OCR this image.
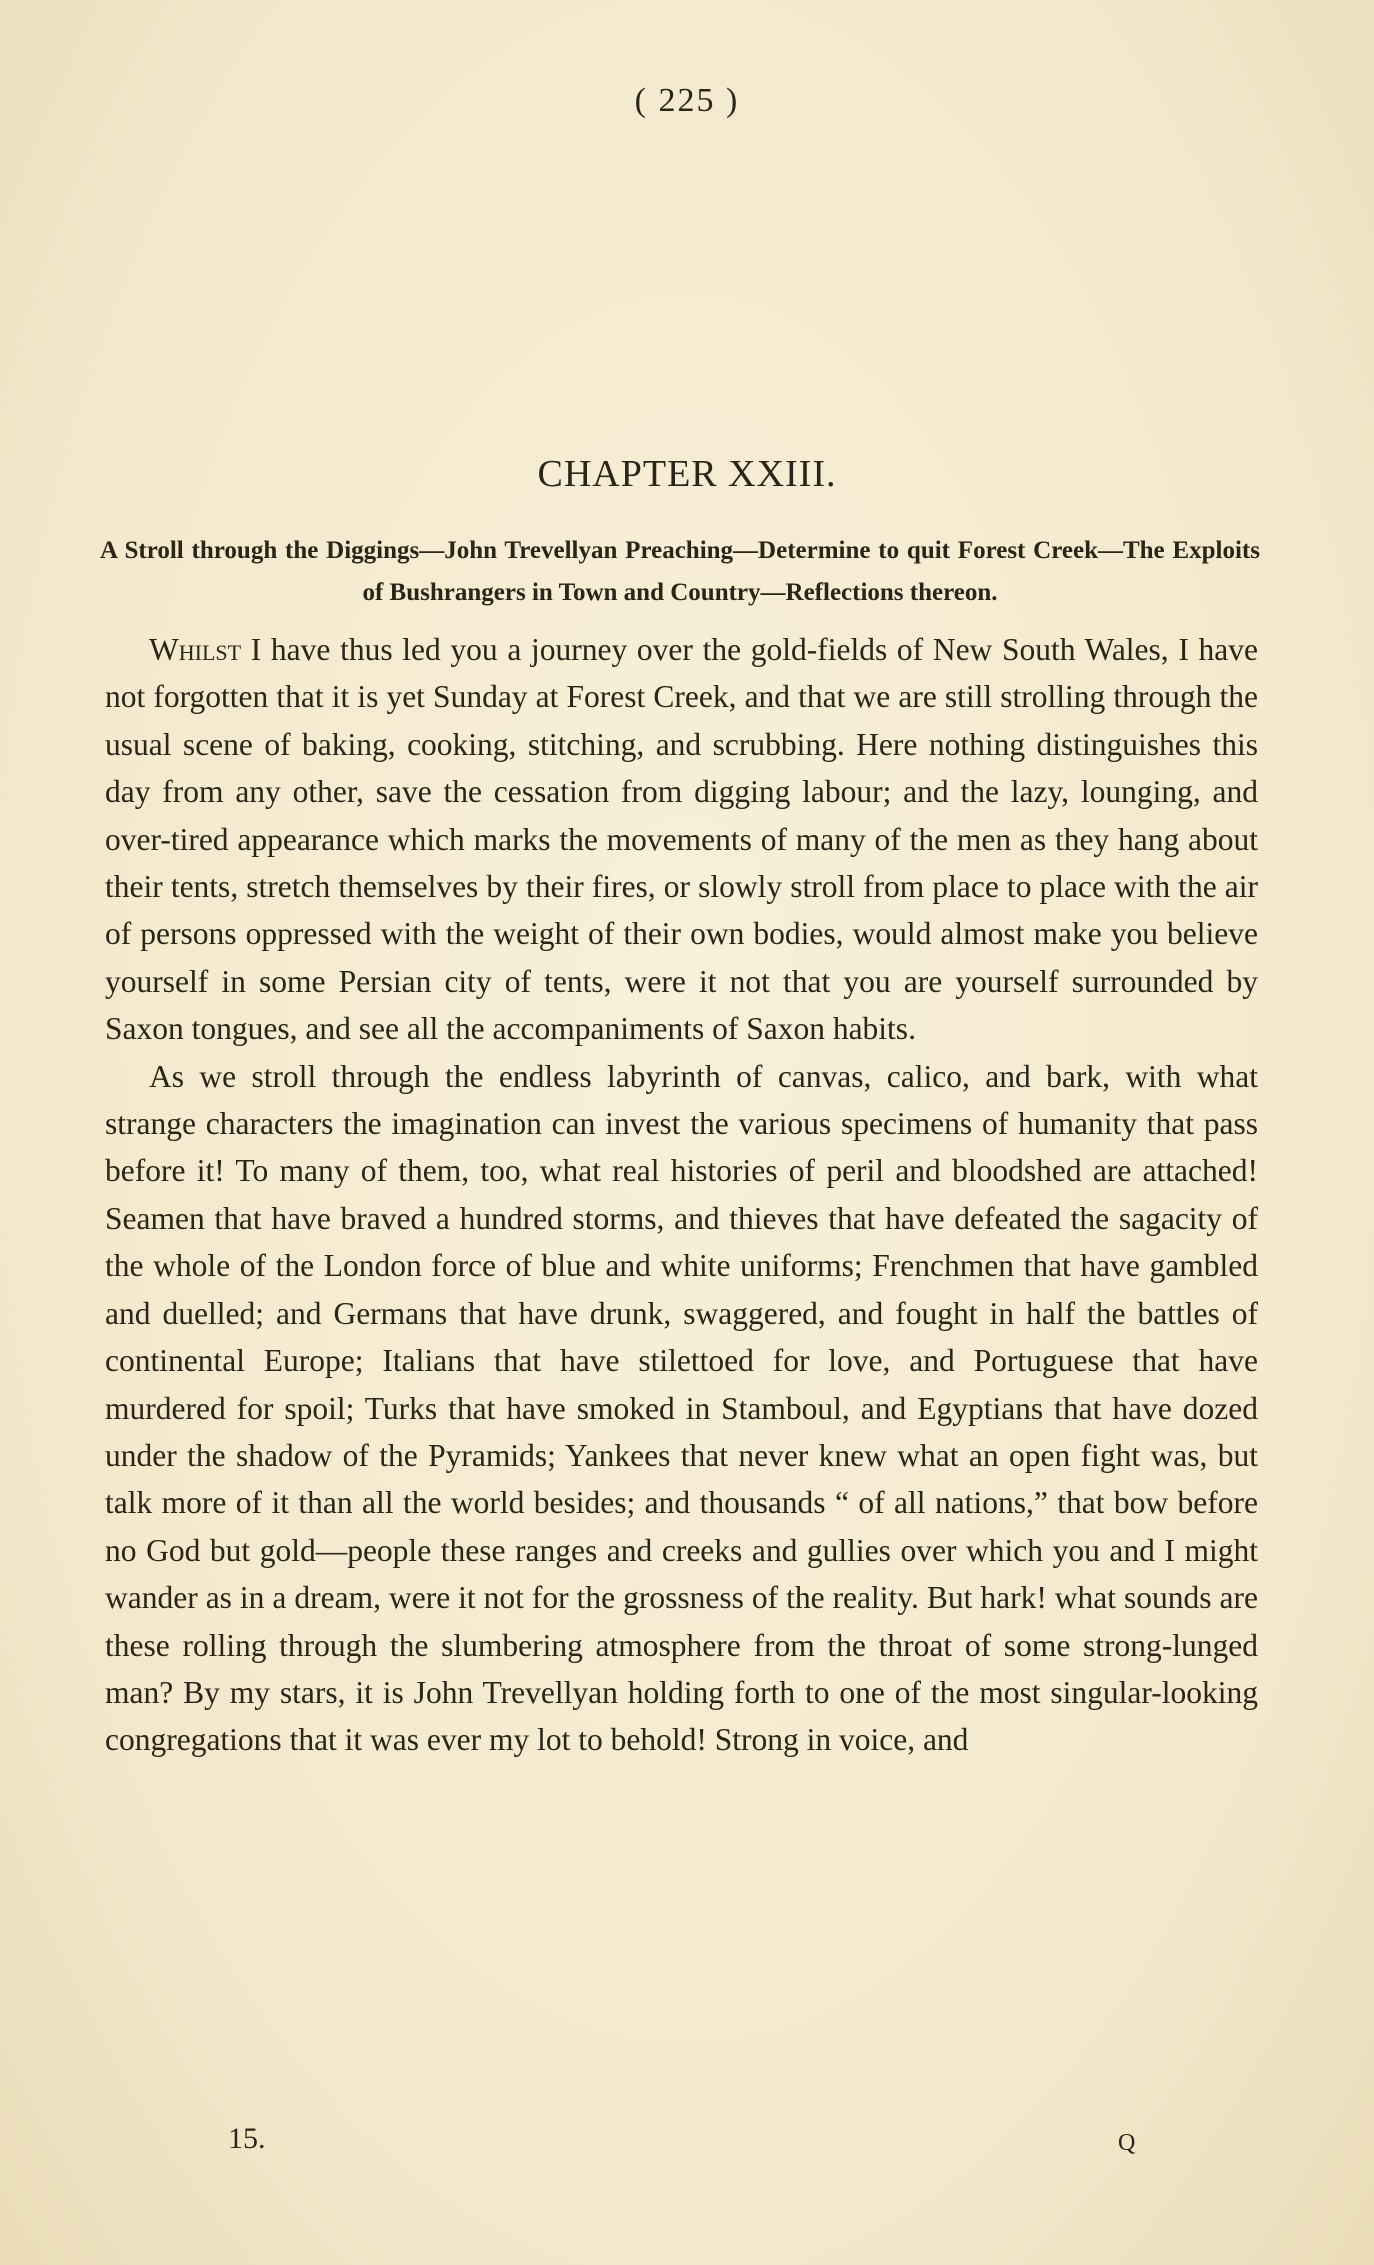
( 225 )
CHAPTER XXIII.
A Stroll through the Diggings—John Trevellyan Preaching—Determine to quit Forest Creek—The Exploits of Bushrangers in Town and Country—Reflections thereon.

Whilst I have thus led you a journey over the gold-fields of New South Wales, I have not forgotten that it is yet Sunday at Forest Creek, and that we are still strolling through the usual scene of baking, cooking, stitching, and scrubbing. Here nothing distinguishes this day from any other, save the cessation from digging labour; and the lazy, lounging, and over-tired appearance which marks the movements of many of the men as they hang about their tents, stretch themselves by their fires, or slowly stroll from place to place with the air of persons oppressed with the weight of their own bodies, would almost make you believe yourself in some Persian city of tents, were it not that you are yourself surrounded by Saxon tongues, and see all the accompaniments of Saxon habits.

As we stroll through the endless labyrinth of canvas, calico, and bark, with what strange characters the imagination can invest the various specimens of humanity that pass before it! To many of them, too, what real histories of peril and bloodshed are attached! Seamen that have braved a hundred storms, and thieves that have defeated the sagacity of the whole of the London force of blue and white uniforms; Frenchmen that have gambled and duelled; and Germans that have drunk, swaggered, and fought in half the battles of continental Europe; Italians that have stilettoed for love, and Portuguese that have murdered for spoil; Turks that have smoked in Stamboul, and Egyptians that have dozed under the shadow of the Pyramids; Yankees that never knew what an open fight was, but talk more of it than all the world besides; and thousands “ of all nations,” that bow before no God but gold—people these ranges and creeks and gullies over which you and I might wander as in a dream, were it not for the grossness of the reality. But hark! what sounds are these rolling through the slumbering atmosphere from the throat of some strong-lunged man? By my stars, it is John Trevellyan holding forth to one of the most singular-looking congregations that it was ever my lot to behold! Strong in voice, and

15.	Q
